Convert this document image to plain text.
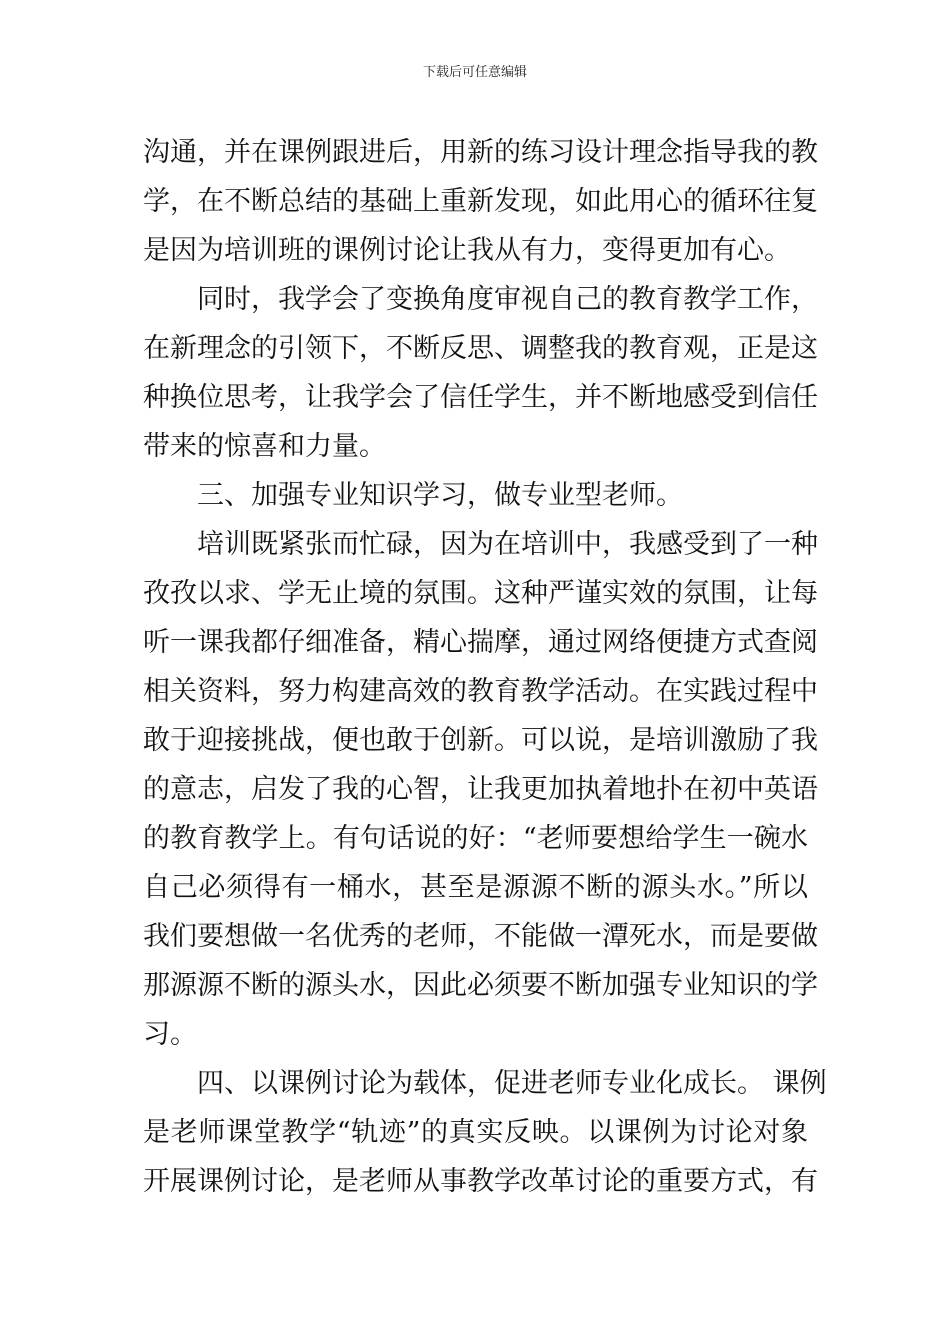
下载后可任意编辑
沟通，并在课例跟进后，用新的练习设计理念指导我的教
学，在不断总结的基础上重新发现，如此用心的循环往复
是因为培训班的课例讨论让我从有力，变得更加有心。
同时，我学会了变换角度审视自己的教育教学工作，
在新理念的引领下，不断反思、调整我的教育观，正是这
种换位思考，让我学会了信任学生，并不断地感受到信任
带来的惊喜和力量。
三、加强专业知识学习，做专业型老师。
培训既紧张而忙碌，因为在培训中，我感受到了一种
孜孜以求、学无止境的氛围。这种严谨实效的氛围，让每
听一课我都仔细准备，精心揣摩，通过网络便捷方式查阅
相关资料，努力构建高效的教育教学活动。在实践过程中
敢于迎接挑战，便也敢于创新。可以说，是培训激励了我
的意志，启发了我的心智，让我更加执着地扑在初中英语
的教育教学上。有句话说的好：“老师要想给学生一碗水
自己必须得有一桶水，甚至是源源不断的源头水。”所以
我们要想做一名优秀的老师，不能做一潭死水，而是要做
那源源不断的源头水，因此必须要不断加强专业知识的学
习。
四、以课例讨论为载体，促进老师专业化成长。 课例
是老师课堂教学“轨迹”的真实反映。以课例为讨论对象
开展课例讨论，是老师从事教学改革讨论的重要方式，有
